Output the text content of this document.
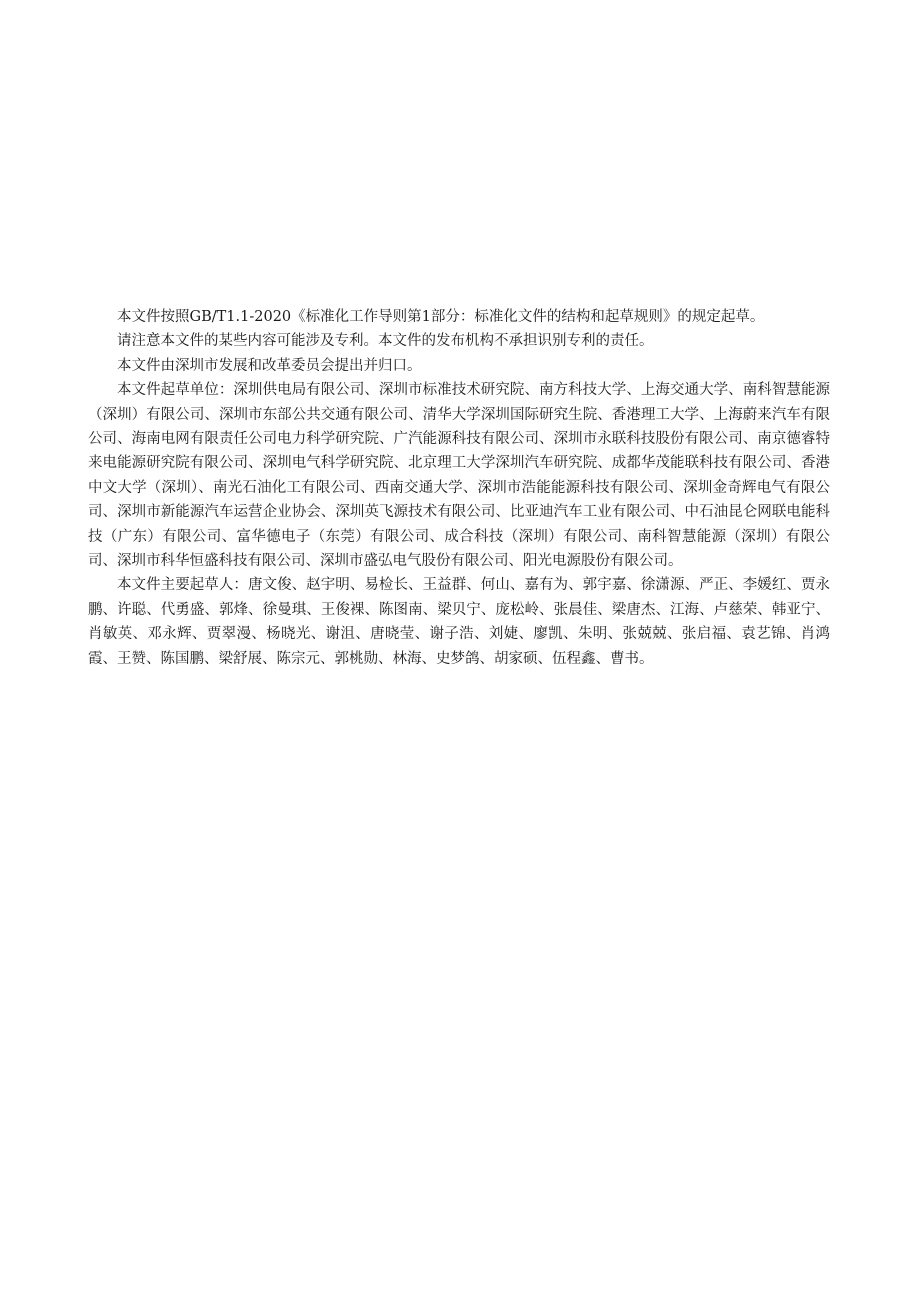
本文件按照GB/T1.1-2020《标准化工作导则第1部分：标准化文件的结构和起草规则》的规定起草。

请注意本文件的某些内容可能涉及专利。本文件的发布机构不承担识别专利的责任。

本文件由深圳市发展和改革委员会提出并归口。

本文件起草单位：深圳供电局有限公司、深圳市标准技术研究院、南方科技大学、上海交通大学、南科智慧能源（深圳）有限公司、深圳市东部公共交通有限公司、清华大学深圳国际研究生院、香港理工大学、上海蔚来汽车有限公司、海南电网有限责任公司电力科学研究院、广汽能源科技有限公司、深圳市永联科技股份有限公司、南京德睿特来电能源研究院有限公司、深圳电气科学研究院、北京理工大学深圳汽车研究院、成都华茂能联科技有限公司、香港中文大学（深圳）、南光石油化工有限公司、西南交通大学、深圳市浩能能源科技有限公司、深圳金奇辉电气有限公司、深圳市新能源汽车运营企业协会、深圳英飞源技术有限公司、比亚迪汽车工业有限公司、中石油昆仑网联电能科技（广东）有限公司、富华德电子（东莞）有限公司、成合科技（深圳）有限公司、南科智慧能源（深圳）有限公司、深圳市科华恒盛科技有限公司、深圳市盛弘电气股份有限公司、阳光电源股份有限公司。

本文件主要起草人：唐文俊、赵宇明、易检长、王益群、何山、嘉有为、郭宇嘉、徐潇源、严正、李媛红、贾永鹏、许聪、代勇盛、郭烽、徐曼琪、王俊裸、陈图南、梁贝宁、庞松岭、张晨佳、梁唐杰、江海、卢慈荣、韩亚宁、肖敏英、邓永辉、贾翠漫、杨晓光、谢沮、唐晓莹、谢子浩、刘婕、廖凯、朱明、张兢兢、张启福、袁艺锦、肖鸿霞、王赞、陈国鹏、梁舒展、陈宗元、郭桃勋、林海、史梦鸽、胡家硕、伍程鑫、曹书。
